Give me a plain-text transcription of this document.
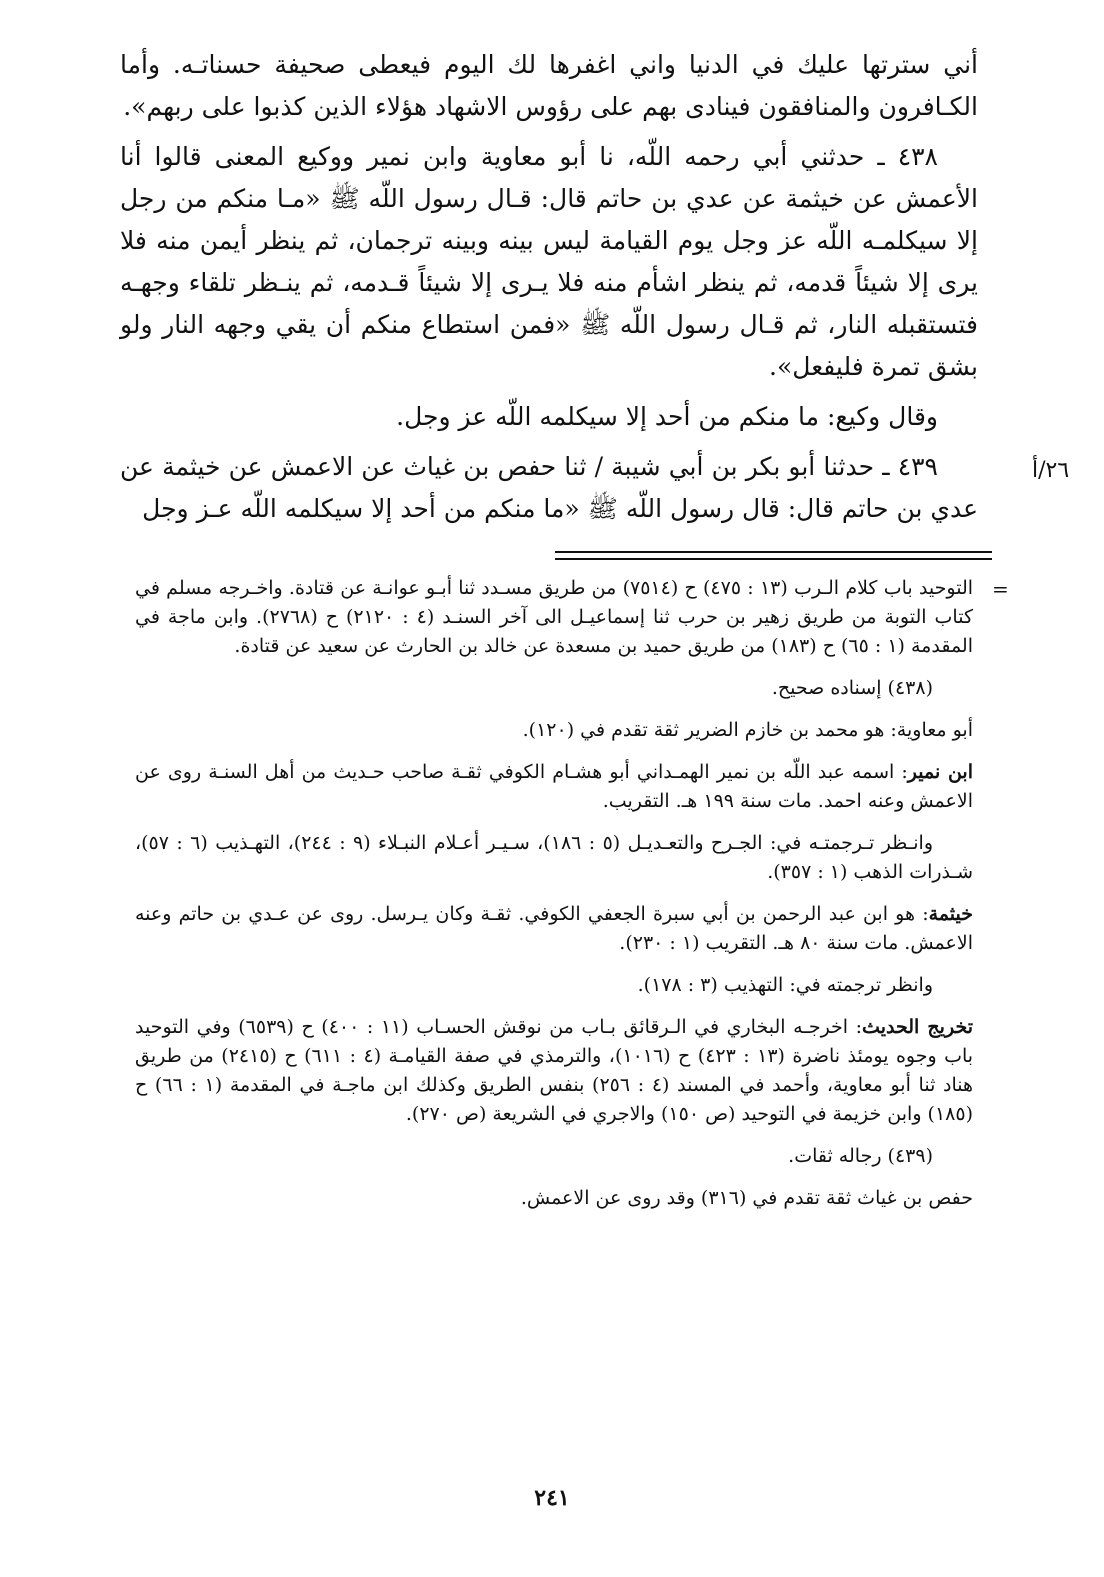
أني سترتها عليك في الدنيا واني اغفرها لك اليوم فيعطى صحيفة حسناتـه. وأما الكـافرون والمنافقون فينادى بهم على رؤوس الاشهاد هؤلاء الذين كذبوا على ربهم».

٤٣٨ ـ حدثني أبي رحمه اللّه، نا أبو معاوية وابن نمير ووكيع المعنى قالوا أنا الأعمش عن خيثمة عن عدي بن حاتم قال: قـال رسول اللّه ﷺ «مـا منكم من رجل إلا سيكلمـه اللّه عز وجل يوم القيامة ليس بينه وبينه ترجمان، ثم ينظر أيمن منه فلا يرى إلا شيئاً قدمه، ثم ينظر اشأم منه فلا يـرى إلا شيئاً قـدمه، ثم ينـظر تلقاء وجهـه فتستقبله النار، ثم قـال رسول اللّه ﷺ «فمن استطاع منكم أن يقي وجهه النار ولو بشق تمرة فليفعل».

وقال وكيع: ما منكم من أحد إلا سيكلمه اللّه عز وجل.

٤٣٩ ـ حدثنا أبو بكر بن أبي شيبة / ثنا حفص بن غياث عن الاعمش عن خيثمة عن عدي بن حاتم قال: قال رسول اللّه ﷺ «ما منكم من أحد إلا سيكلمه اللّه عـز وجل

٢٦/أ
=

التوحيد باب كلام الـرب (١٣ : ٤٧٥) ح (٧٥١٤) من طريق مسـدد ثنا أبـو عوانـة عن قتادة. واخـرجه مسلم في كتاب التوبة من طريق زهير بن حرب ثنا إسماعيـل الى آخر السنـد (٤ : ٢١٢٠) ح (٢٧٦٨). وابن ماجة في المقدمة (١ : ٦٥) ح (١٨٣) من طريق حميد بن مسعدة عن خالد بن الحارث عن سعيد عن قتادة.

(٤٣٨) إسناده صحيح.

أبو معاوية: هو محمد بن خازم الضرير ثقة تقدم في (١٢٠).

ابن نمير: اسمه عبد اللّه بن نمير الهمـداني أبو هشـام الكوفي ثقـة صاحب حـديث من أهل السنـة روى عن الاعمش وعنه احمد. مات سنة ١٩٩ هـ. التقريب.

وانـظر تـرجمتـه في: الجـرح والتعـديـل (٥ : ١٨٦)، سـيـر أعـلام النبـلاء (٩ : ٢٤٤)، التهـذيب (٦ : ٥٧)، شـذرات الذهب (١ : ٣٥٧).

خيثمة: هو ابن عبد الرحمن بن أبي سبرة الجعفي الكوفي. ثقـة وكان يـرسل. روى عن عـدي بن حاتم وعنه الاعمش. مات سنة ٨٠ هـ. التقريب (١ : ٢٣٠).

وانظر ترجمته في: التهذيب (٣ : ١٧٨).

تخريج الحديث: اخرجـه البخاري في الـرقائق بـاب من نوقش الحسـاب (١١ : ٤٠٠) ح (٦٥٣٩) وفي التوحيد باب وجوه يومئذ ناضرة (١٣ : ٤٢٣) ح (١٠١٦)، والترمذي في صفة القيامـة (٤ : ٦١١) ح (٢٤١٥) من طريق هناد ثنا أبو معاوية، وأحمد في المسند (٤ : ٢٥٦) بنفس الطريق وكذلك ابن ماجـة في المقدمة (١ : ٦٦) ح (١٨٥) وابن خزيمة في التوحيد (ص ١٥٠) والاجري في الشريعة (ص ٢٧٠).

(٤٣٩) رجاله ثقات.

حفص بن غياث ثقة تقدم في (٣١٦) وقد روى عن الاعمش.

٢٤١
